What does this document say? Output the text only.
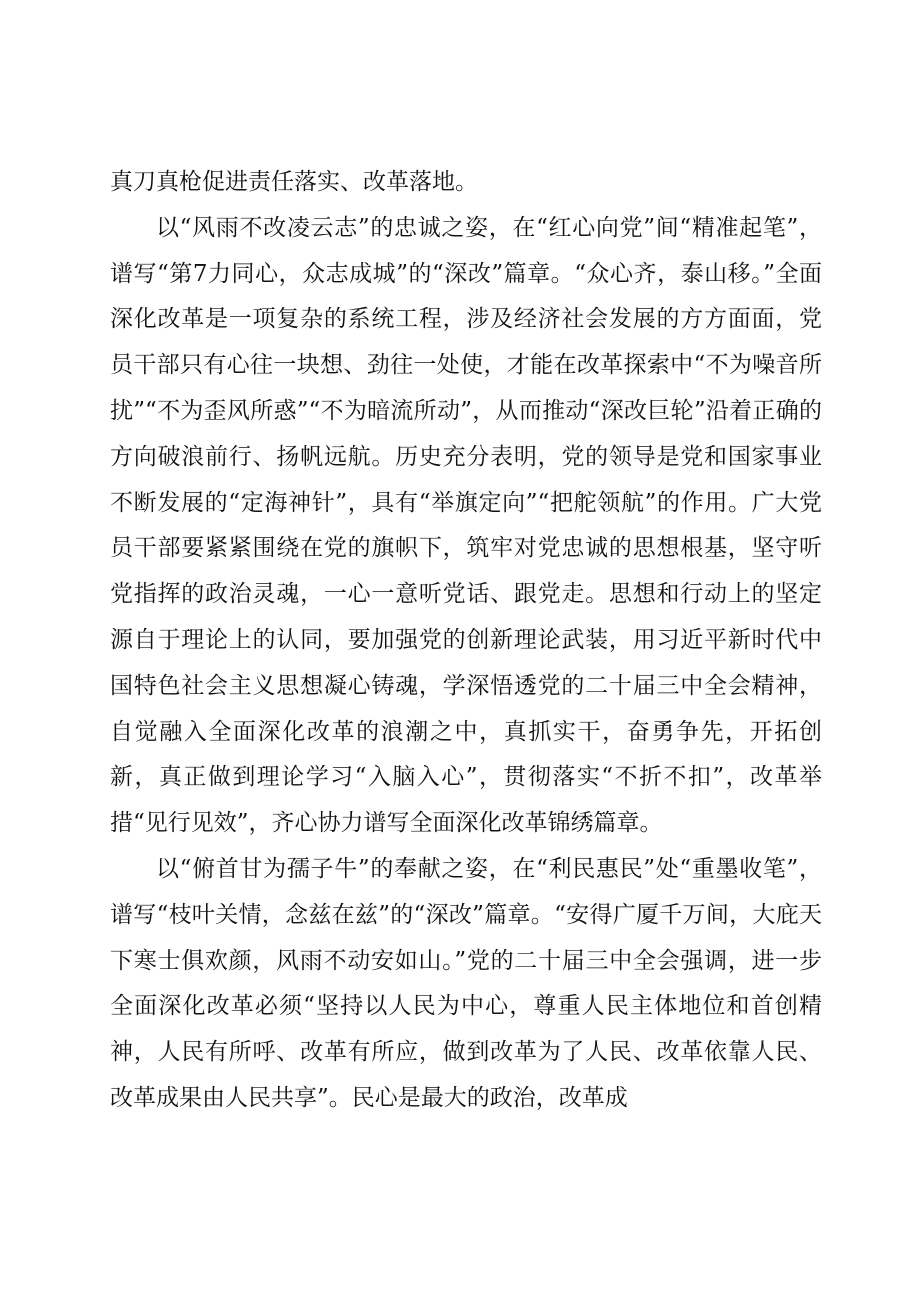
真刀真枪促进责任落实、改革落地。

以“风雨不改凌云志”的忠诚之姿，在“红心向党”间“精准起笔”，谱写“第7力同心，众志成城”的“深改”篇章。“众心齐，泰山移。”全面深化改革是一项复杂的系统工程，涉及经济社会发展的方方面面，党员干部只有心往一块想、劲往一处使，才能在改革探索中“不为噪音所扰”“不为歪风所惑”“不为暗流所动”，从而推动“深改巨轮”沿着正确的方向破浪前行、扬帆远航。历史充分表明，党的领导是党和国家事业不断发展的“定海神针”，具有“举旗定向”“把舵领航”的作用。广大党员干部要紧紧围绕在党的旗帜下，筑牢对党忠诚的思想根基，坚守听党指挥的政治灵魂，一心一意听党话、跟党走。思想和行动上的坚定源自于理论上的认同，要加强党的创新理论武装，用习近平新时代中国特色社会主义思想凝心铸魂，学深悟透党的二十届三中全会精神，自觉融入全面深化改革的浪潮之中，真抓实干，奋勇争先，开拓创新，真正做到理论学习“入脑入心”，贯彻落实“不折不扣”，改革举措“见行见效”，齐心协力谱写全面深化改革锦绣篇章。

以“俯首甘为孺子牛”的奉献之姿，在“利民惠民”处“重墨收笔”，谱写“枝叶关情，念兹在兹”的“深改”篇章。“安得广厦千万间，大庇天下寒士俱欢颜，风雨不动安如山。”党的二十届三中全会强调，进一步全面深化改革必须“坚持以人民为中心，尊重人民主体地位和首创精神，人民有所呼、改革有所应，做到改革为了人民、改革依靠人民、改革成果由人民共享”。民心是最大的政治，改革成
